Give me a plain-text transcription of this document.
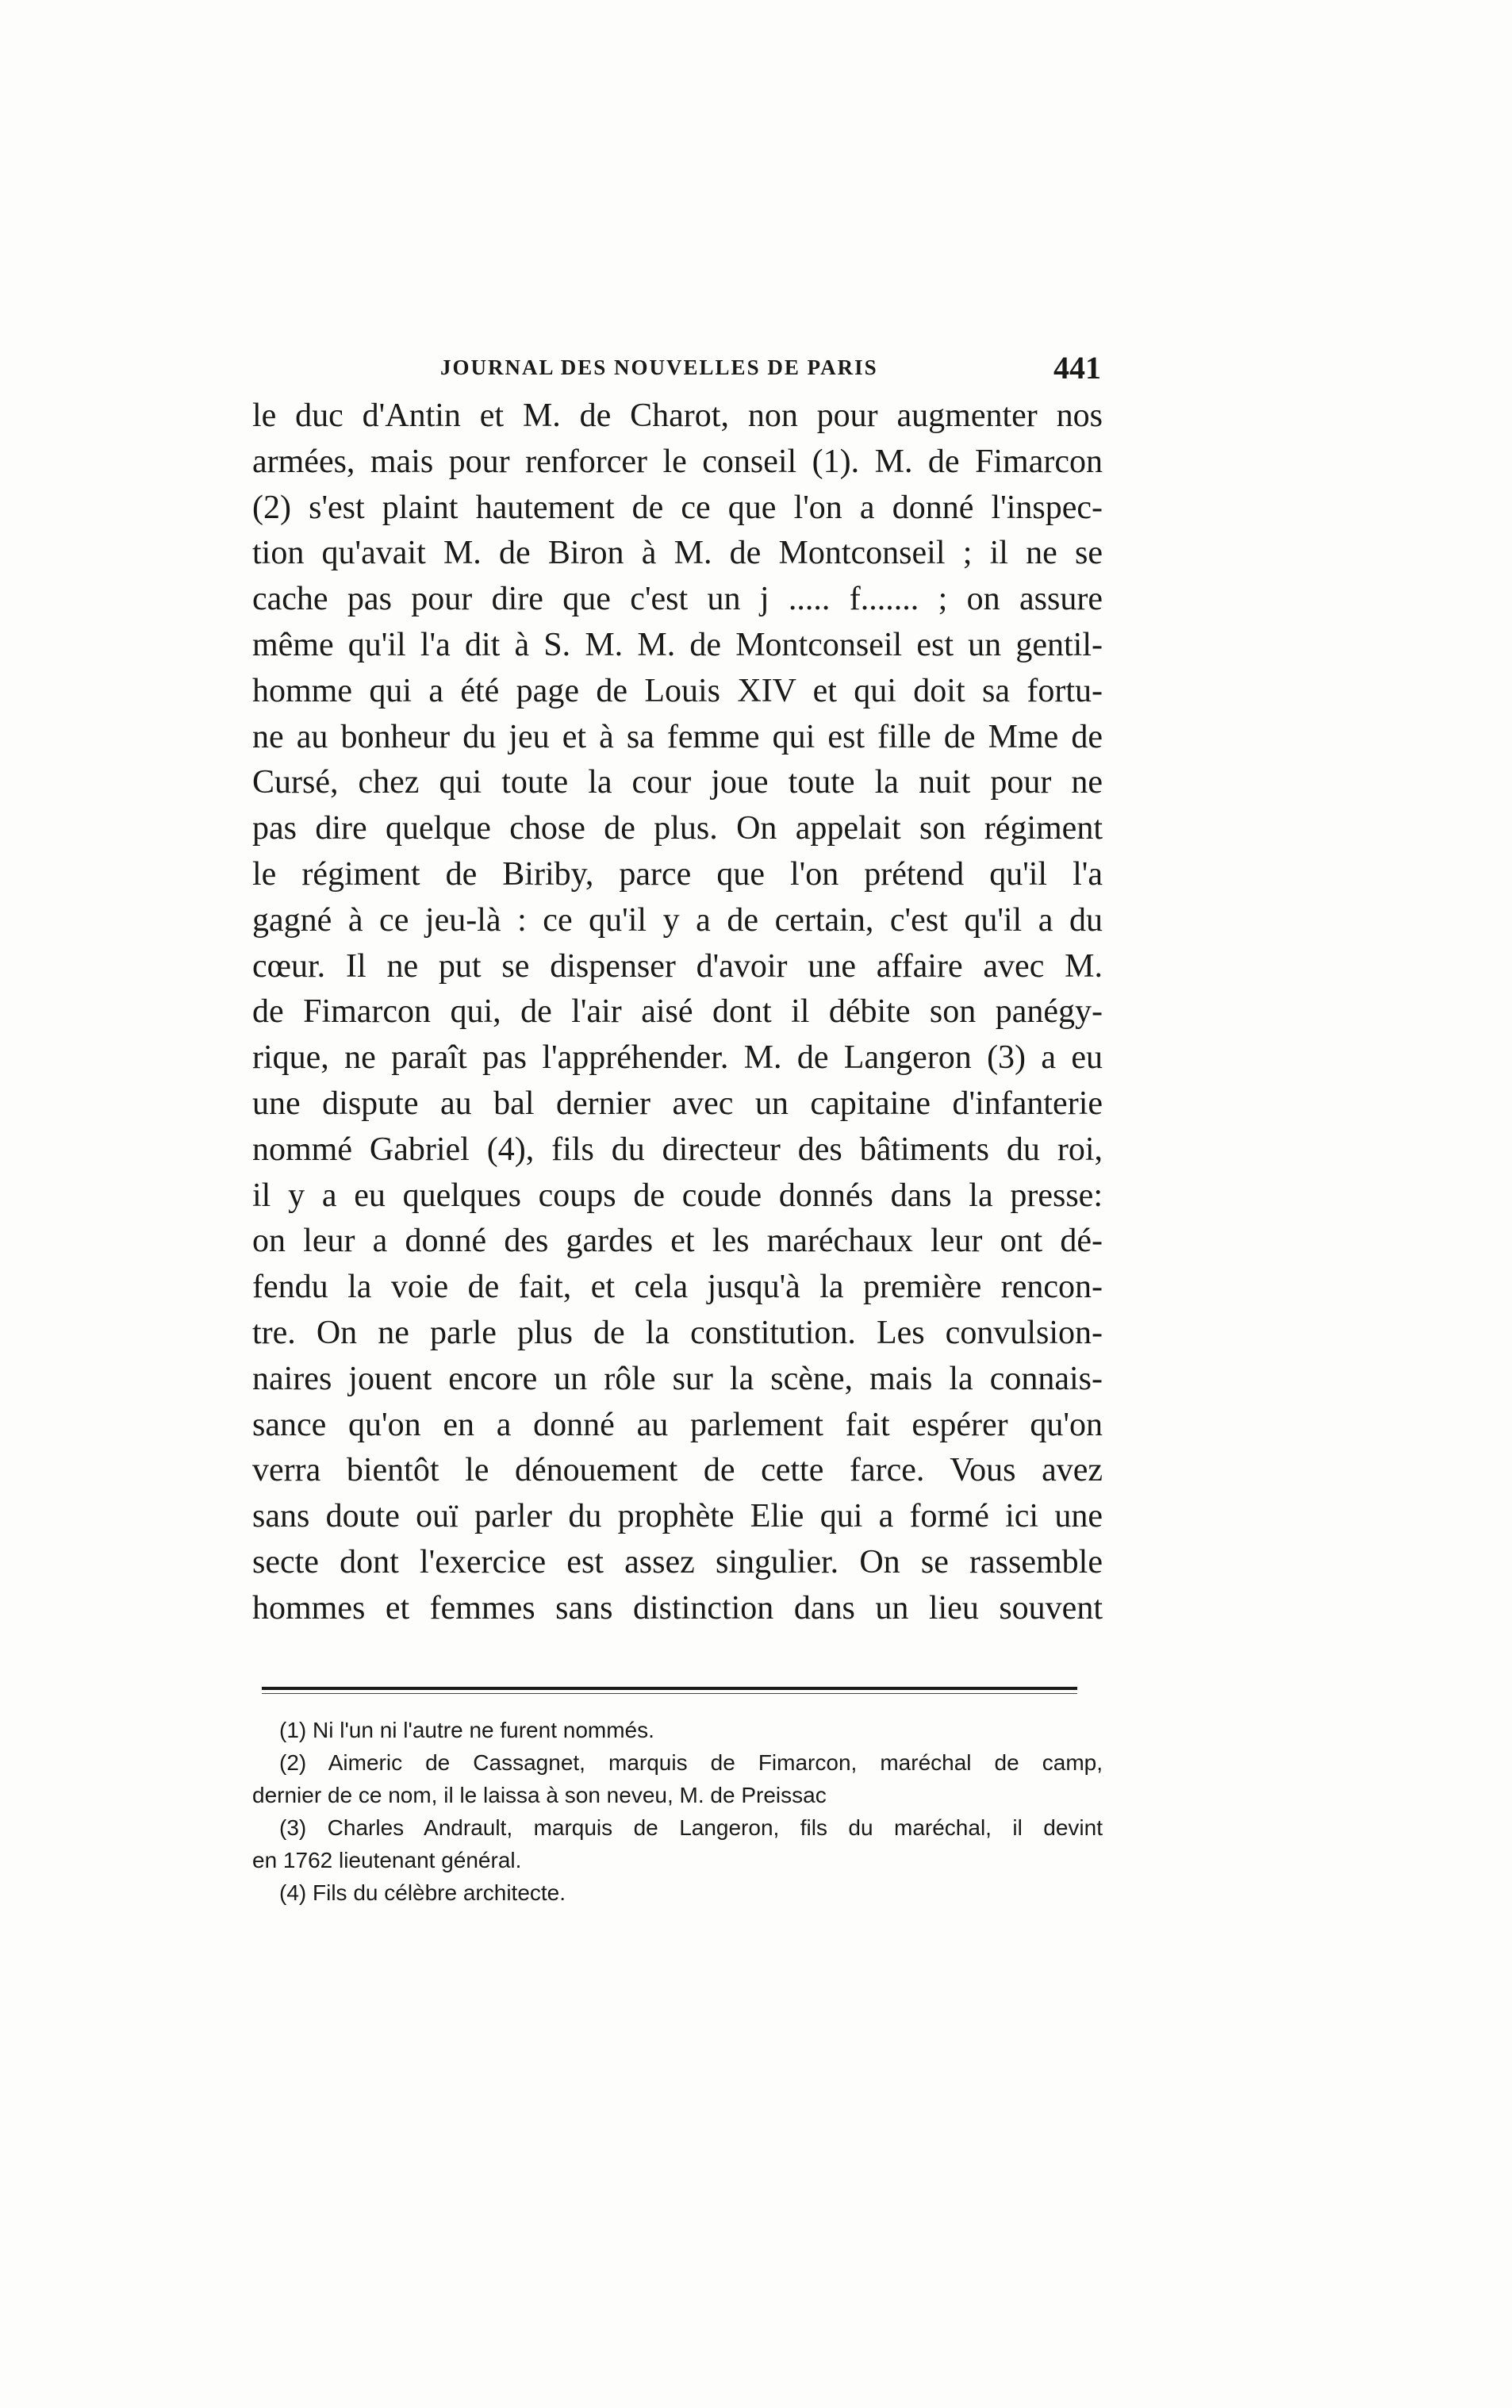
JOURNAL DES NOUVELLES DE PARIS	441
le duc d'Antin et M. de Charot, non pour augmenter nos
armées, mais pour renforcer le conseil (1). M. de Fimarcon
(2) s'est plaint hautement de ce que l'on a donné l'inspec-
tion qu'avait M. de Biron à M. de Montconseil ; il ne se
cache pas pour dire que c'est un j ..... f....... ; on assure
même qu'il l'a dit à S. M. M. de Montconseil est un gentil-
homme qui a été page de Louis XIV et qui doit sa fortu-
ne au bonheur du jeu et à sa femme qui est fille de Mme de
Cursé, chez qui toute la cour joue toute la nuit pour ne
pas dire quelque chose de plus. On appelait son régiment
le régiment de Biriby, parce que l'on prétend qu'il l'a
gagné à ce jeu-là : ce qu'il y a de certain, c'est qu'il a du
cœur. Il ne put se dispenser d'avoir une affaire avec M.
de Fimarcon qui, de l'air aisé dont il débite son panégy-
rique, ne paraît pas l'appréhender. M. de Langeron (3) a eu
une dispute au bal dernier avec un capitaine d'infanterie
nommé Gabriel (4), fils du directeur des bâtiments du roi,
il y a eu quelques coups de coude donnés dans la presse:
on leur a donné des gardes et les maréchaux leur ont dé-
fendu la voie de fait, et cela jusqu'à la première rencon-
tre. On ne parle plus de la constitution. Les convulsion-
naires jouent encore un rôle sur la scène, mais la connais-
sance qu'on en a donné au parlement fait espérer qu'on
verra bientôt le dénouement de cette farce. Vous avez
sans doute ouï parler du prophète Elie qui a formé ici une
secte dont l'exercice est assez singulier. On se rassemble
hommes et femmes sans distinction dans un lieu souvent
(1) Ni l'un ni l'autre ne furent nommés.
(2) Aimeric de Cassagnet, marquis de Fimarcon, maréchal de camp,
dernier de ce nom, il le laissa à son neveu, M. de Preissac
(3) Charles Andrault, marquis de Langeron, fils du maréchal, il devint
en 1762 lieutenant général.
(4) Fils du célèbre architecte.
